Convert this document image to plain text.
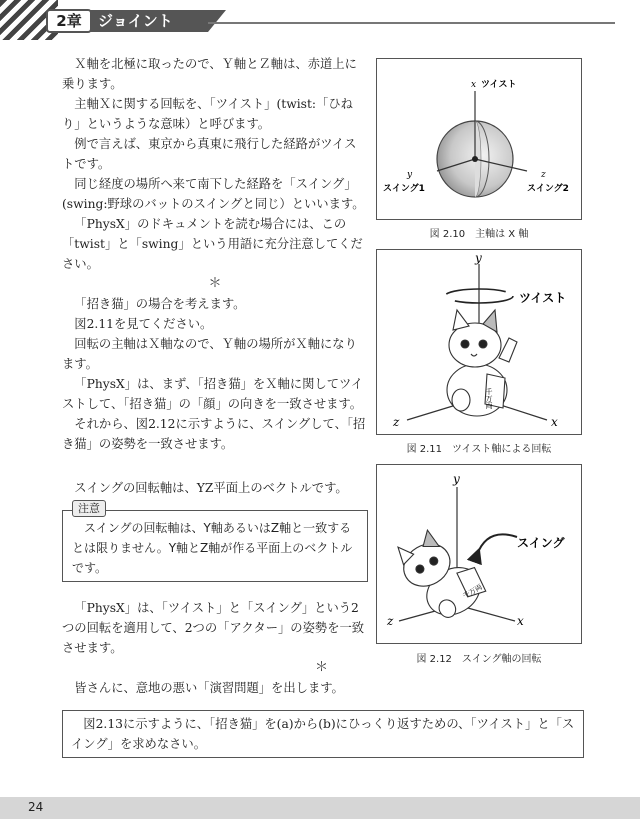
2章	ジョイント

Ｘ軸を北極に取ったので、Ｙ軸とＺ軸は、赤道上に乗ります。

主軸Ｘに関する回転を、「ツイスト」(twist:「ひねり」というような意味）と呼びます。

例で言えば、東京から真東に飛行した経路がツイストです。

同じ経度の場所へ来て南下した経路を「スイング」(swing:野球のバットのスイングと同じ）といいます。

「PhysX」のドキュメントを読む場合には、この「twist」と「swing」という用語に充分注意してください。

＊

「招き猫」の場合を考えます。

図2.11を見てください。

回転の主軸はＸ軸なので、Ｙ軸の場所がＸ軸になります。

「PhysX」は、まず、「招き猫」をＸ軸に関してツイストして、「招き猫」の「顔」の向きを一致させます。

それから、図2.12に示すように、スイングして、「招き猫」の姿勢を一致させます。

スイングの回転軸は、YZ平面上のベクトルです。

注意
スイングの回転軸は、Y軸あるいはZ軸と一致するとは限りません。Y軸とZ軸が作る平面上のベクトルです。

「PhysX」は、「ツイスト」と「スイング」という2つの回転を適用して、2つの「アクター」の姿勢を一致させます。

＊

皆さんに、意地の悪い「演習問題」を出します。

図2.13に示すように、「招き猫」を(a)から(b)にひっくり返すための、「ツイスト」と「スイング」を求めなさい。
x ツイスト
y
スイング1
z
スイング2
図 2.10　主軸は X 軸
千万両
y
ツイスト
z	x
図 2.11　ツイスト軸による回転
千万両
y
スイング
z	x
図 2.12　スイング軸の回転
24
